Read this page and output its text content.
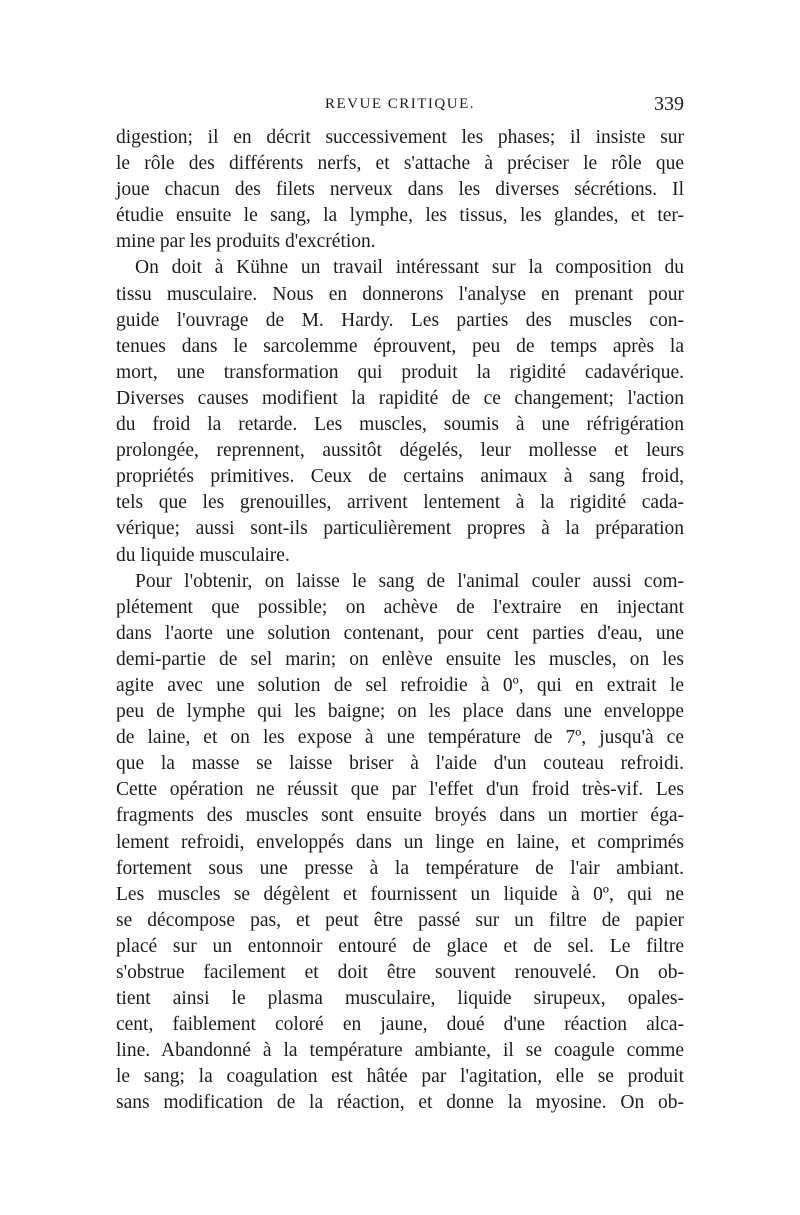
REVUE CRITIQUE.	339
digestion; il en décrit successivement les phases; il insiste sur
le rôle des différents nerfs, et s'attache à préciser le rôle que
joue chacun des filets nerveux dans les diverses sécrétions. Il
étudie ensuite le sang, la lymphe, les tissus, les glandes, et ter-
mine par les produits d'excrétion.
On doit à Kühne un travail intéressant sur la composition du
tissu musculaire. Nous en donnerons l'analyse en prenant pour
guide l'ouvrage de M. Hardy. Les parties des muscles con-
tenues dans le sarcolemme éprouvent, peu de temps après la
mort, une transformation qui produit la rigidité cadavérique.
Diverses causes modifient la rapidité de ce changement; l'action
du froid la retarde. Les muscles, soumis à une réfrigération
prolongée, reprennent, aussitôt dégelés, leur mollesse et leurs
propriétés primitives. Ceux de certains animaux à sang froid,
tels que les grenouilles, arrivent lentement à la rigidité cada-
vérique; aussi sont-ils particulièrement propres à la préparation
du liquide musculaire.
Pour l'obtenir, on laisse le sang de l'animal couler aussi com-
plétement que possible; on achève de l'extraire en injectant
dans l'aorte une solution contenant, pour cent parties d'eau, une
demi-partie de sel marin; on enlève ensuite les muscles, on les
agite avec une solution de sel refroidie à 0º, qui en extrait le
peu de lymphe qui les baigne; on les place dans une enveloppe
de laine, et on les expose à une température de 7º, jusqu'à ce
que la masse se laisse briser à l'aide d'un couteau refroidi.
Cette opération ne réussit que par l'effet d'un froid très-vif. Les
fragments des muscles sont ensuite broyés dans un mortier éga-
lement refroidi, enveloppés dans un linge en laine, et comprimés
fortement sous une presse à la température de l'air ambiant.
Les muscles se dégèlent et fournissent un liquide à 0º, qui ne
se décompose pas, et peut être passé sur un filtre de papier
placé sur un entonnoir entouré de glace et de sel. Le filtre
s'obstrue facilement et doit être souvent renouvelé. On ob-
tient ainsi le plasma musculaire, liquide sirupeux, opales-
cent, faiblement coloré en jaune, doué d'une réaction alca-
line. Abandonné à la température ambiante, il se coagule comme
le sang; la coagulation est hâtée par l'agitation, elle se produit
sans modification de la réaction, et donne la myosine. On ob-
